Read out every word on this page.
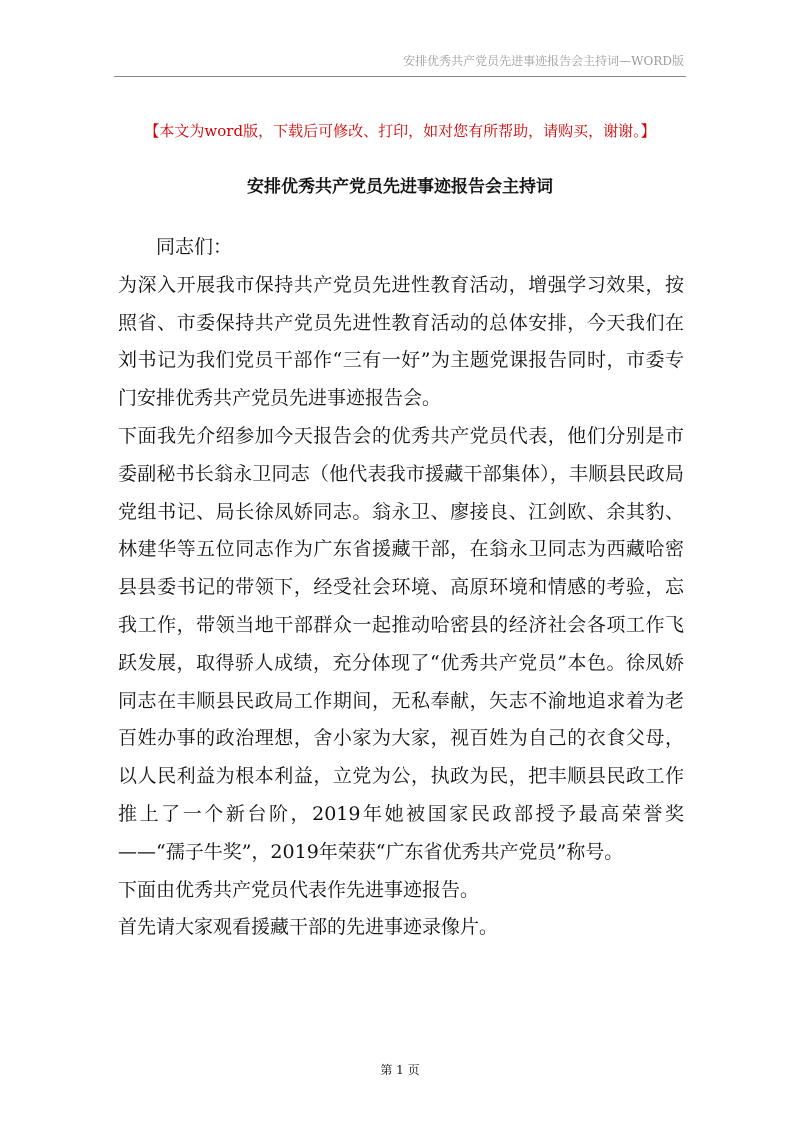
安排优秀共产党员先进事迹报告会主持词—WORD版
【本文为word版，下载后可修改、打印，如对您有所帮助，请购买，谢谢。】
安排优秀共产党员先进事迹报告会主持词

同志们：

为深入开展我市保持共产党员先进性教育活动，增强学习效果，按照省、市委保持共产党员先进性教育活动的总体安排，今天我们在刘书记为我们党员干部作“三有一好”为主题党课报告同时，市委专门安排优秀共产党员先进事迹报告会。

下面我先介绍参加今天报告会的优秀共产党员代表，他们分别是市委副秘书长翁永卫同志（他代表我市援藏干部集体），丰顺县民政局党组书记、局长徐凤娇同志。翁永卫、廖接良、江剑欧、余其豹、林建华等五位同志作为广东省援藏干部，在翁永卫同志为西藏哈密县县委书记的带领下，经受社会环境、高原环境和情感的考验，忘我工作，带领当地干部群众一起推动哈密县的经济社会各项工作飞跃发展，取得骄人成绩，充分体现了“优秀共产党员”本色。徐凤娇同志在丰顺县民政局工作期间，无私奉献，矢志不渝地追求着为老百姓办事的政治理想，舍小家为大家，视百姓为自己的衣食父母，以人民利益为根本利益，立党为公，执政为民，把丰顺县民政工作推上了一个新台阶，2019年她被国家民政部授予最高荣誉奖——“孺子牛奖”，2019年荣获“广东省优秀共产党员”称号。

下面由优秀共产党员代表作先进事迹报告。

首先请大家观看援藏干部的先进事迹录像片。

第 1 页
